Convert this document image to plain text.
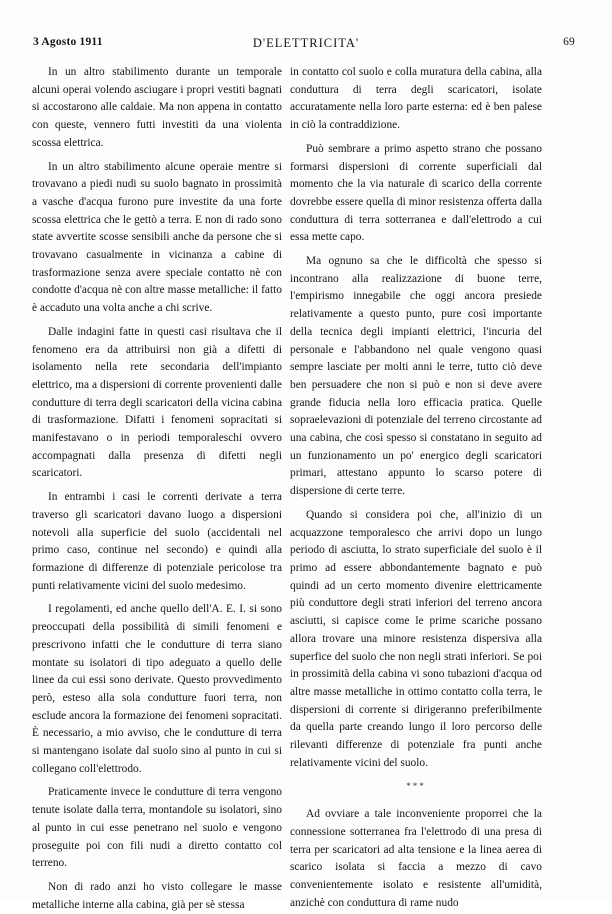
3 Agosto 1911	D'ELETTRICITA'	69

In un altro stabilimento durante un temporale alcuni operai volendo asciugare i propri vestiti bagnati si accostarono alle caldaie. Ma non appena in contatto con queste, vennero futti investiti da una violenta scossa elettrica.

In un altro stabilimento alcune operaie mentre si trovavano a piedi nudi su suolo bagnato in prossimità a vasche d'acqua furono pure investite da una forte scossa elettrica che le gettò a terra. E non di rado sono state avvertite scosse sensibili anche da persone che si trovavano casualmente in vicinanza a cabine di trasformazione senza avere speciale contatto nè con condotte d'acqua nè con altre masse metalliche: il fatto è accaduto una volta anche a chi scrive.

Dalle indagini fatte in questi casi risultava che il fenomeno era da attribuirsi non già a difetti di isolamento nella rete secondaria dell'impianto elettrico, ma a dispersioni di corrente provenienti dalle condutture di terra degli scaricatori della vicina cabina di trasformazione. Difatti i fenomeni sopracitati si manifestavano o in periodi temporaleschi ovvero accompagnati dalla presenza di difetti negli scaricatori.

In entrambi i casi le correnti derivate a terra traverso gli scaricatori davano luogo a dispersioni notevoli alla superficie del suolo (accidentali nel primo caso, continue nel secondo) e quindi alla formazione di differenze di potenziale pericolose tra punti relativamente vicini del suolo medesimo.

I regolamenti, ed anche quello dell'A. E. I. si sono preoccupati della possibilità di simili fenomeni e prescrivono infatti che le condutture di terra siano montate su isolatori di tipo adeguato a quello delle linee da cui essi sono derivate. Questo provvedimento però, esteso alla sola condutture fuori terra, non esclude ancora la formazione dei fenomeni sopracitati. È necessario, a mio avviso, che le condutture di terra si mantengano isolate dal suolo sino al punto in cui si collegano coll'elettrodo.

Praticamente invece le condutture di terra vengono tenute isolate dalla terra, montandole su isolatori, sino al punto in cui esse penetrano nel suolo e vengono proseguite poi con fili nudi a diretto contatto col terreno.

Non di rado anzi ho visto collegare le masse metalliche interne alla cabina, già per sè stessa

in contatto col suolo e colla muratura della cabina, alla conduttura di terra degli scaricatori, isolate accuratamente nella loro parte esterna: ed è ben palese in ciò la contraddizione.

Può sembrare a primo aspetto strano che possano formarsi dispersioni di corrente superficiali dal momento che la via naturale di scarico della corrente dovrebbe essere quella di minor resistenza offerta dalla conduttura di terra sotterranea e dall'elettrodo a cui essa mette capo.

Ma ognuno sa che le difficoltà che spesso si incontrano alla realizzazione di buone terre, l'empirismo innegabile che oggi ancora presiede relativamente a questo punto, pure così importante della tecnica degli impianti elettrici, l'incuria del personale e l'abbandono nel quale vengono quasi sempre lasciate per molti anni le terre, tutto ciò deve ben persuadere che non si può e non si deve avere grande fiducia nella loro efficacia pratica. Quelle sopraelevazioni di potenziale del terreno circostante ad una cabina, che così spesso si constatano in seguito ad un funzionamento un po' energico degli scaricatori primari, attestano appunto lo scarso potere di dispersione di certe terre.

Quando si considera poi che, all'inizio di un acquazzone temporalesco che arrivi dopo un lungo periodo di asciutta, lo strato superficiale del suolo è il primo ad essere abbondantemente bagnato e può quindi ad un certo momento divenire elettricamente più conduttore degli strati inferiori del terreno ancora asciutti, si capisce come le prime scariche possano allora trovare una minore resistenza dispersiva alla superfice del suolo che non negli strati inferiori. Se poi in prossimità della cabina vi sono tubazioni d'acqua od altre masse metalliche in ottimo contatto colla terra, le dispersioni di corrente si dirigeranno preferibilmente da quella parte creando lungo il loro percorso delle rilevanti differenze di potenziale fra punti anche relativamente vicini del suolo.

***

Ad ovviare a tale inconveniente proporrei che la connessione sotterranea fra l'elettrodo di una presa di terra per scaricatori ad alta tensione e la linea aerea di scarico isolata si faccia a mezzo di cavo convenientemente isolato e resistente all'umidità, anzichè con conduttura di rame nudo
